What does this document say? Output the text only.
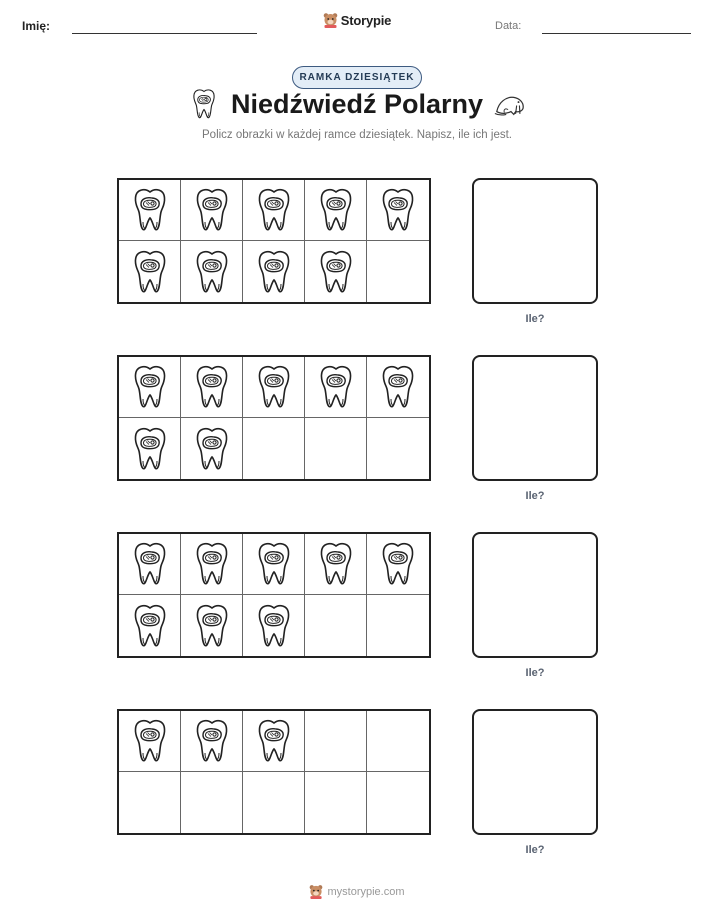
Imię:	Storypie	Data:
RAMKA DZIESIĄTEK
Niedźwiedź Polarny
Policz obrazki w każdej ramce dziesiątek. Napisz, ile ich jest.
Ile?
Ile?
Ile?
Ile?
mystorypie.com
